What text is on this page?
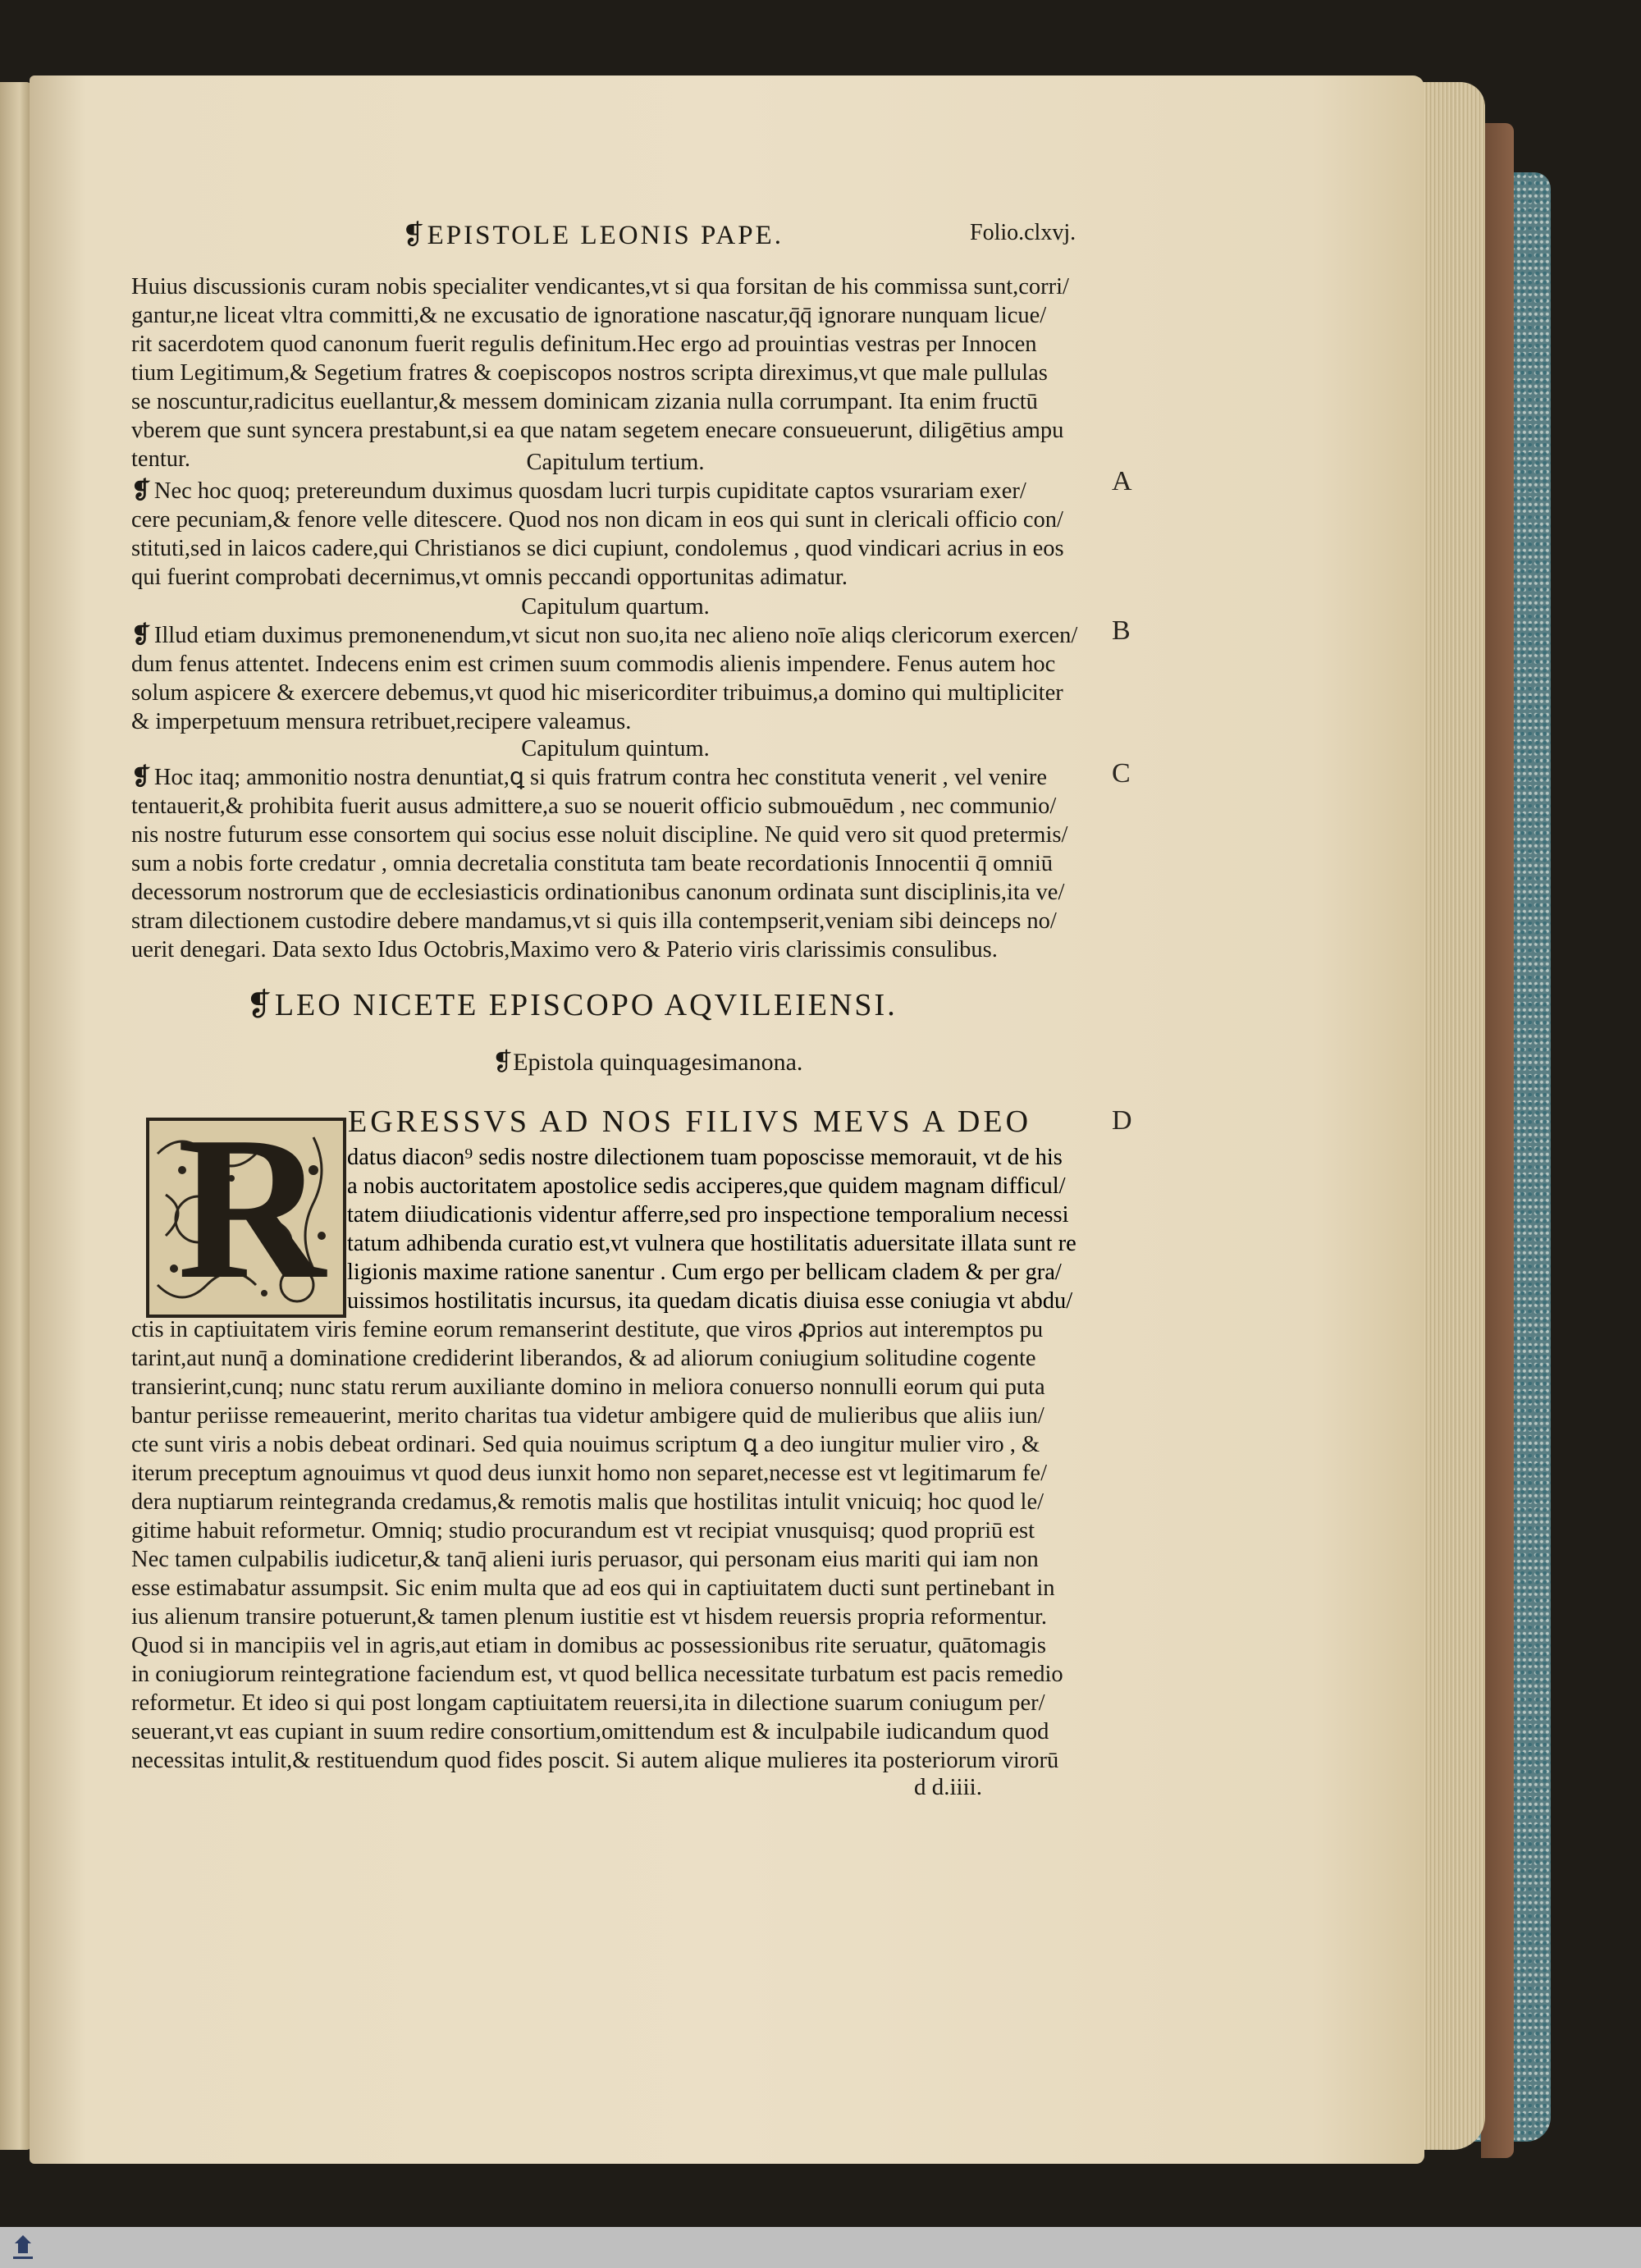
❡EPISTOLE LEONIS PAPE.	Folio.clxvj.
Huius discussionis curam nobis specialiter vendicantes,vt si qua forsitan de his commissa sunt,corri/
gantur,ne liceat vltra committi,& ne excusatio de ignoratione nascatur,q̄q̄ ignorare nunquam licue/
rit sacerdotem quod canonum fuerit regulis definitum.Hec ergo ad prouintias vestras per Innocen
tium Legitimum,& Segetium fratres & coepiscopos nostros scripta direximus,vt que male pullulas
se noscuntur,radicitus euellantur,& messem dominicam zizania nulla corrumpant. Ita enim fructū
vberem que sunt syncera prestabunt,si ea que natam segetem enecare consueuerunt, diligētius ampu
tentur.	Capitulum tertium.
❡ Nec hoc quoq; pretereundum duximus quosdam lucri turpis cupiditate captos vsurariam exer/
cere pecuniam,& fenore velle ditescere. Quod nos non dicam in eos qui sunt in clericali officio con/
stituti,sed in laicos cadere,qui Christianos se dici cupiunt, condolemus , quod vindicari acrius in eos
qui fuerint comprobati decernimus,vt omnis peccandi opportunitas adimatur.
A
Capitulum quartum.
❡ Illud etiam duximus premonenendum,vt sicut non suo,ita nec alieno noīe aliqs clericorum exercen/
dum fenus attentet. Indecens enim est crimen suum commodis alienis impendere. Fenus autem hoc
solum aspicere & exercere debemus,vt quod hic misericorditer tribuimus,a domino qui multipliciter
& imperpetuum mensura retribuet,recipere valeamus.
B
Capitulum quintum.
❡ Hoc itaq; ammonitio nostra denuntiat,ꝗ si quis fratrum contra hec constituta venerit , vel venire
tentauerit,& prohibita fuerit ausus admittere,a suo se nouerit officio submouēdum , nec communio/
nis nostre futurum esse consortem qui socius esse noluit discipline. Ne quid vero sit quod pretermis/
sum a nobis forte credatur , omnia decretalia constituta tam beate recordationis Innocentii q̄ omniū
decessorum nostrorum que de ecclesiasticis ordinationibus canonum ordinata sunt disciplinis,ita ve/
stram dilectionem custodire debere mandamus,vt si quis illa contempserit,veniam sibi deinceps no/
uerit denegari. Data sexto Idus Octobris,Maximo vero & Paterio viris clarissimis consulibus.
C
❡LEO NICETE EPISCOPO AQVILEIENSI.
❡Epistola quinquagesimanona.
R EGRESSVS AD NOS FILIVS MEVS A DEO	D
datus diacon⁹ sedis nostre dilectionem tuam poposcisse memorauit, vt de his
a nobis auctoritatem apostolice sedis acciperes,que quidem magnam difficul/
tatem diiudicationis videntur afferre,sed pro inspectione temporalium necessi
tatum adhibenda curatio est,vt vulnera que hostilitatis aduersitate illata sunt re
ligionis maxime ratione sanentur . Cum ergo per bellicam cladem & per gra/
uissimos hostilitatis incursus, ita quedam dicatis diuisa esse coniugia vt abdu/
ctis in captiuitatem viris femine eorum remanserint destitute, que viros ꝓprios aut interemptos pu
tarint,aut nunq̄ a dominatione crediderint liberandos, & ad aliorum coniugium solitudine cogente
transierint,cunq; nunc statu rerum auxiliante domino in meliora conuerso nonnulli eorum qui puta
bantur periisse remeauerint, merito charitas tua videtur ambigere quid de mulieribus que aliis iun/
cte sunt viris a nobis debeat ordinari. Sed quia nouimus scriptum ꝗ a deo iungitur mulier viro , &
iterum preceptum agnouimus vt quod deus iunxit homo non separet,necesse est vt legitimarum fe/
dera nuptiarum reintegranda credamus,& remotis malis que hostilitas intulit vnicuiq; hoc quod le/
gitime habuit reformetur. Omniq; studio procurandum est vt recipiat vnusquisq; quod propriū est
Nec tamen culpabilis iudicetur,& tanq̄ alieni iuris peruasor, qui personam eius mariti qui iam non
esse estimabatur assumpsit. Sic enim multa que ad eos qui in captiuitatem ducti sunt pertinebant in
ius alienum transire potuerunt,& tamen plenum iustitie est vt hisdem reuersis propria reformentur.
Quod si in mancipiis vel in agris,aut etiam in domibus ac possessionibus rite seruatur, quātomagis
in coniugiorum reintegratione faciendum est, vt quod bellica necessitate turbatum est pacis remedio
reformetur. Et ideo si qui post longam captiuitatem reuersi,ita in dilectione suarum coniugum per/
seuerant,vt eas cupiant in suum redire consortium,omittendum est & inculpabile iudicandum quod
necessitas intulit,& restituendum quod fides poscit. Si autem alique mulieres ita posteriorum virorū
d d.iiii.
